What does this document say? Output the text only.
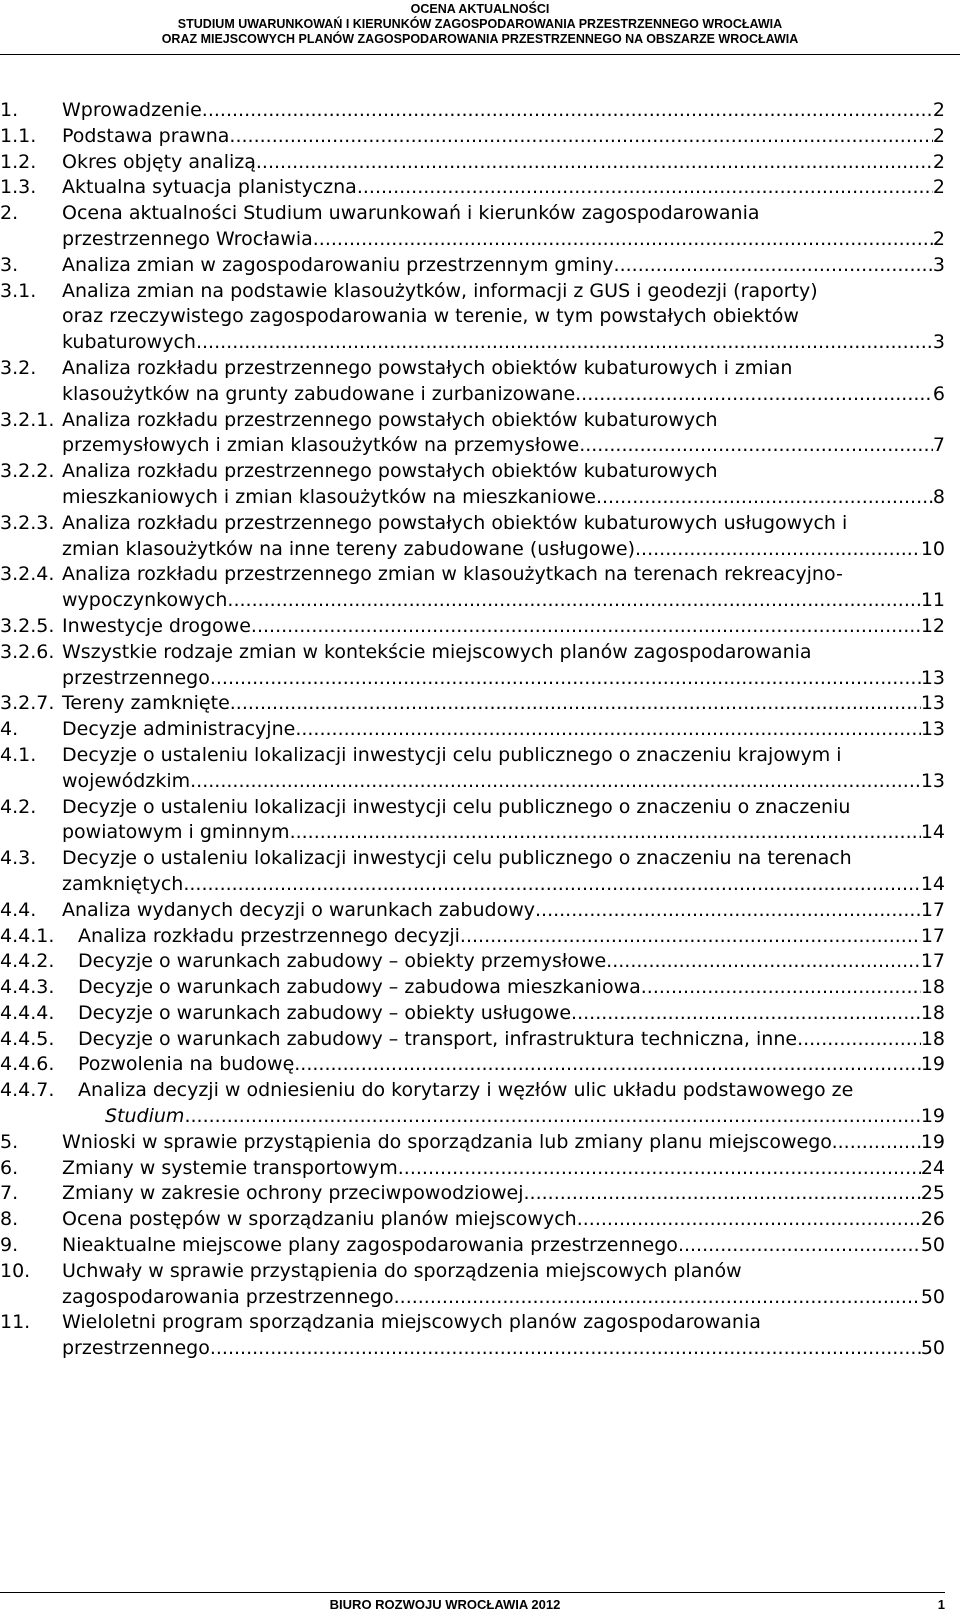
OCENA AKTUALNOŚCI
STUDIUM UWARUNKOWAŃ I KIERUNKÓW ZAGOSPODAROWANIA PRZESTRZENNEGO WROCŁAWIA
ORAZ MIEJSCOWYCH PLANÓW ZAGOSPODAROWANIA PRZESTRZENNEGO NA OBSZARZE WROCŁAWIA
1. Wprowadzenie .....	2
1.1. Podstawa prawna .....	2
1.2. Okres objęty analizą .....	2
1.3. Aktualna sytuacja planistyczna .....	2
2. Ocena aktualności Studium uwarunkowań i kierunków zagospodarowania
przestrzennego Wrocławia .....	2
3. Analiza zmian w zagospodarowaniu przestrzennym gminy .....	3
3.1. Analiza zmian na podstawie klasoużytków, informacji z GUS i geodezji (raporty)
oraz rzeczywistego zagospodarowania w terenie, w tym powstałych obiektów
kubaturowych .....	3
3.2. Analiza rozkładu przestrzennego powstałych obiektów kubaturowych i zmian
klasoużytków na grunty zabudowane i zurbanizowane .....	6
3.2.1. Analiza rozkładu przestrzennego powstałych obiektów kubaturowych
przemysłowych i zmian klasoużytków na przemysłowe .....	7
3.2.2. Analiza rozkładu przestrzennego powstałych obiektów kubaturowych
mieszkaniowych i zmian klasoużytków na mieszkaniowe .....	8
3.2.3. Analiza rozkładu przestrzennego powstałych obiektów kubaturowych usługowych i
zmian klasoużytków na inne tereny zabudowane (usługowe) .....	10
3.2.4. Analiza rozkładu przestrzennego zmian w klasoużytkach na terenach rekreacyjno-
wypoczynkowych .....	11
3.2.5. Inwestycje drogowe .....	12
3.2.6. Wszystkie rodzaje zmian w kontekście miejscowych planów zagospodarowania
przestrzennego .....	13
3.2.7. Tereny zamknięte .....	13
4. Decyzje administracyjne .....	13
4.1. Decyzje o ustaleniu lokalizacji inwestycji celu publicznego o znaczeniu krajowym i
wojewódzkim .....	13
4.2. Decyzje o ustaleniu lokalizacji inwestycji celu publicznego o znaczeniu o znaczeniu
powiatowym i gminnym .....	14
4.3. Decyzje o ustaleniu lokalizacji inwestycji celu publicznego o znaczeniu na terenach
zamkniętych .....	14
4.4. Analiza wydanych decyzji o warunkach zabudowy .....	17
4.4.1. Analiza rozkładu przestrzennego decyzji .....	17
4.4.2. Decyzje o warunkach zabudowy – obiekty przemysłowe .....	17
4.4.3. Decyzje o warunkach zabudowy – zabudowa mieszkaniowa .....	18
4.4.4. Decyzje o warunkach zabudowy – obiekty usługowe .....	18
4.4.5. Decyzje o warunkach zabudowy – transport, infrastruktura techniczna, inne .....	18
4.4.6. Pozwolenia na budowę .....	19
4.4.7. Analiza decyzji w odniesieniu do korytarzy i węzłów ulic układu podstawowego ze
Studium .....	19
5. Wnioski w sprawie przystąpienia do sporządzania lub zmiany planu miejscowego. .....	19
6. Zmiany w systemie transportowym .....	24
7. Zmiany w zakresie ochrony przeciwpowodziowej .....	25
8. Ocena postępów w sporządzaniu planów miejscowych .....	26
9. Nieaktualne miejscowe plany zagospodarowania przestrzennego .....	50
10. Uchwały w sprawie przystąpienia do sporządzenia miejscowych planów
zagospodarowania przestrzennego .....	50
11. Wieloletni program sporządzania miejscowych planów zagospodarowania
przestrzennego .....	50
BIURO ROZWOJU WROCŁAWIA 2012	1
